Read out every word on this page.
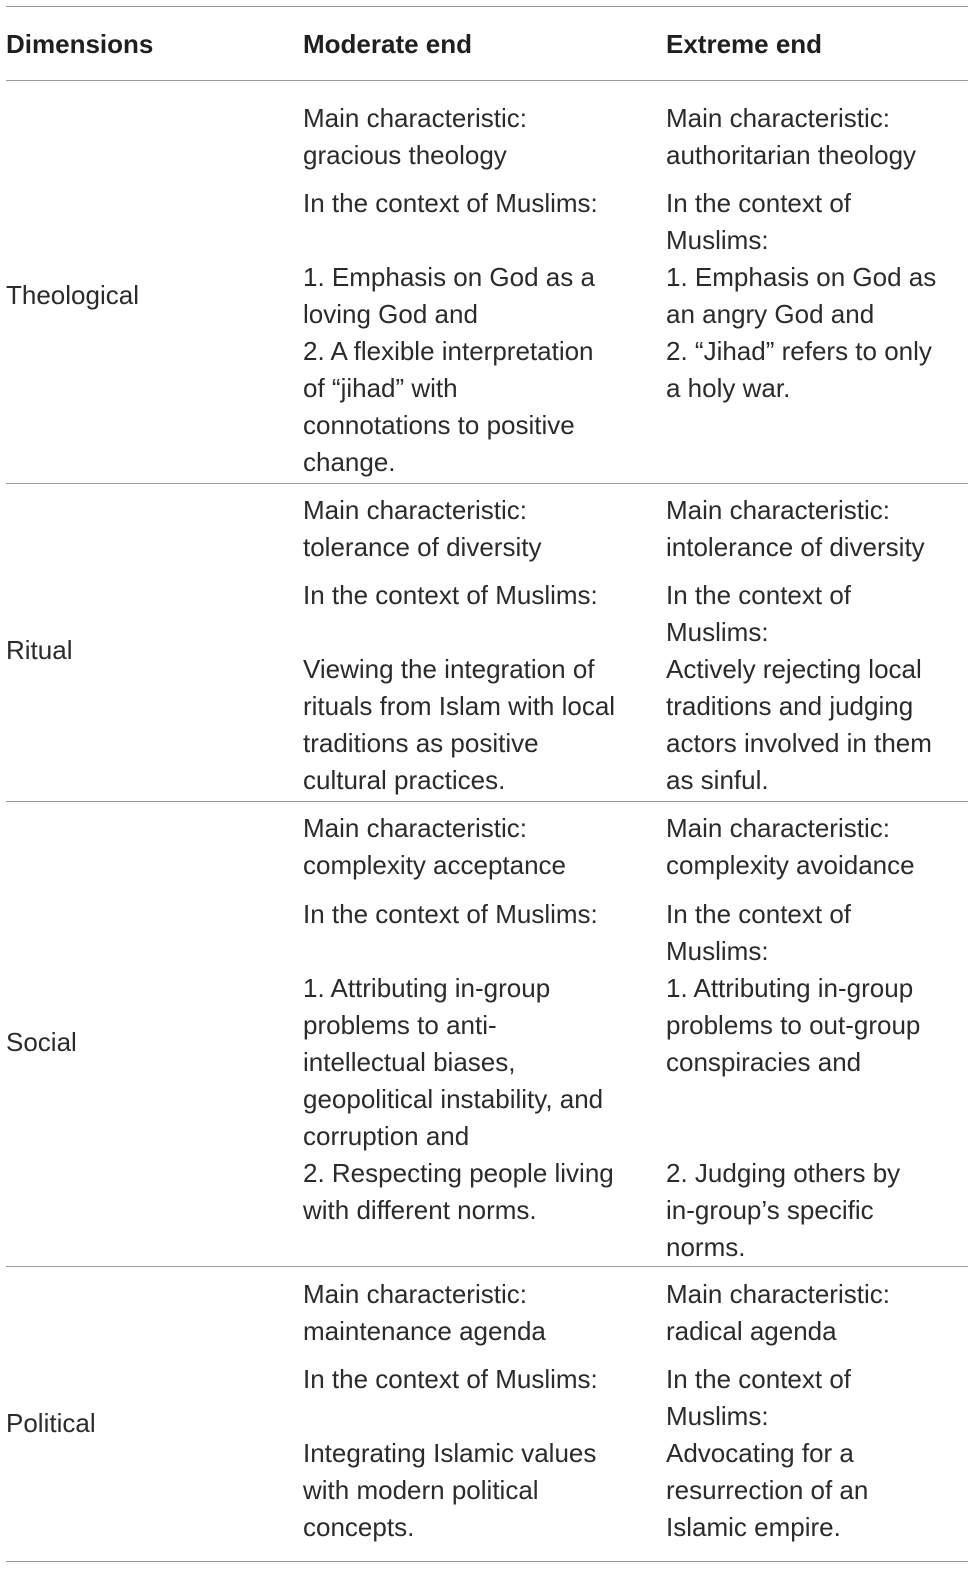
Dimensions	Moderate end	Extreme end
Theological
Main characteristic:
gracious theology
In the context of Muslims:
1. Emphasis on God as a
loving God and
2. A flexible interpretation
of “jihad” with
connotations to positive
change.
Main characteristic:
authoritarian theology
In the context of
Muslims:
1. Emphasis on God as
an angry God and
2. “Jihad” refers to only
a holy war.
Ritual
Main characteristic:
tolerance of diversity
In the context of Muslims:
Viewing the integration of
rituals from Islam with local
traditions as positive
cultural practices.
Main characteristic:
intolerance of diversity
In the context of
Muslims:
Actively rejecting local
traditions and judging
actors involved in them
as sinful.
Social
Main characteristic:
complexity acceptance
In the context of Muslims:
1. Attributing in-group
problems to anti-
intellectual biases,
geopolitical instability, and
corruption and
2. Respecting people living
with different norms.
Main characteristic:
complexity avoidance
In the context of
Muslims:
1. Attributing in-group
problems to out-group
conspiracies and

2. Judging others by
in-group’s specific
norms.
Political
Main characteristic:
maintenance agenda
In the context of Muslims:
Integrating Islamic values
with modern political
concepts.
Main characteristic:
radical agenda
In the context of
Muslims:
Advocating for a
resurrection of an
Islamic empire.
